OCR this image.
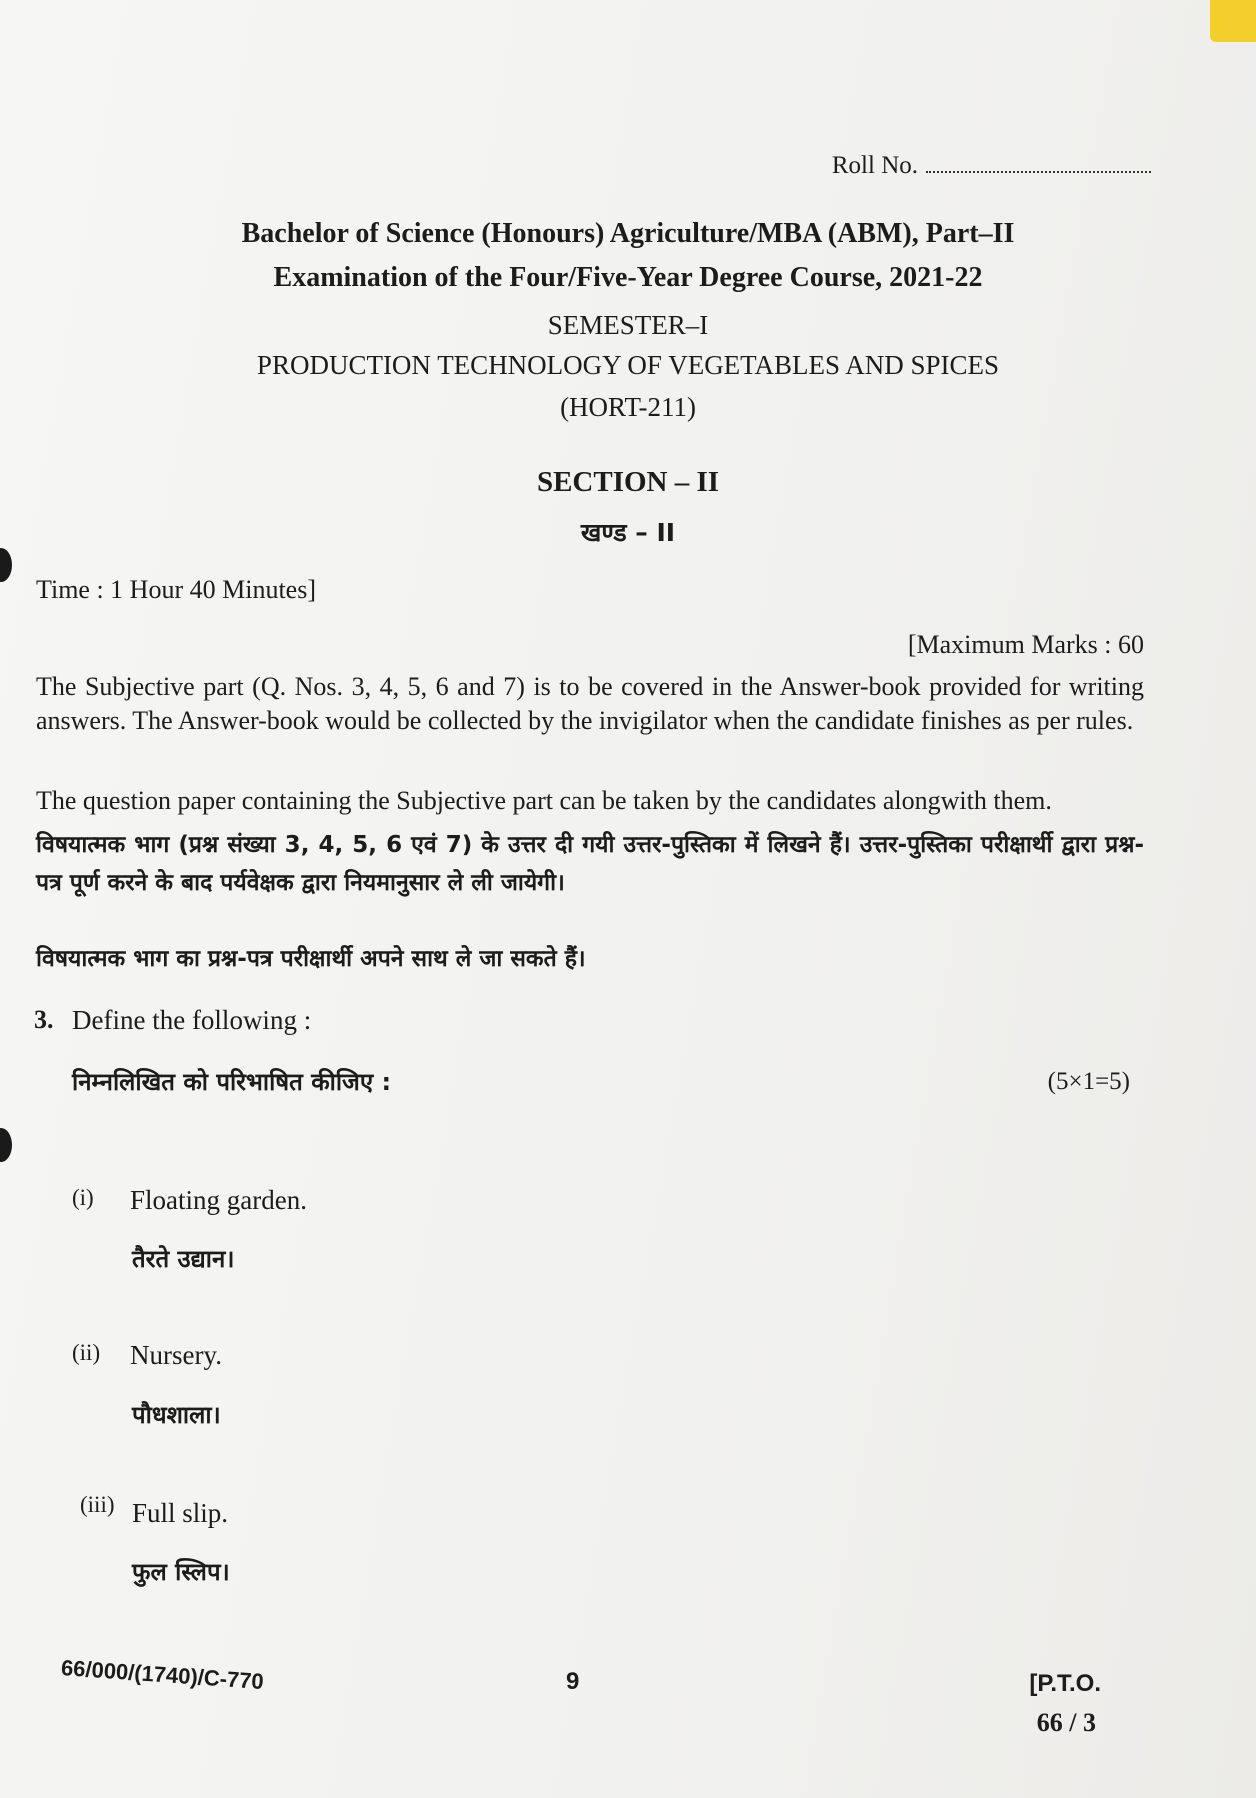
Roll No.
Bachelor of Science (Honours) Agriculture/MBA (ABM), Part–II
Examination of the Four/Five-Year Degree Course, 2021-22
SEMESTER–I
PRODUCTION TECHNOLOGY OF VEGETABLES AND SPICES
(HORT-211)
SECTION – II
खण्ड – II
Time : 1 Hour 40 Minutes]
[Maximum Marks : 60
The Subjective part (Q. Nos. 3, 4, 5, 6 and 7) is to be covered in the Answer-book provided for writing answers. The Answer-book would be collected by the invigilator when the candidate finishes as per rules.
The question paper containing the Subjective part can be taken by the candidates alongwith them.
विषयात्मक भाग (प्रश्न संख्या 3, 4, 5, 6 एवं 7) के उत्तर दी गयी उत्तर-पुस्तिका में लिखने हैं। उत्तर-पुस्तिका परीक्षार्थी द्वारा प्रश्न-पत्र पूर्ण करने के बाद पर्यवेक्षक द्वारा नियमानुसार ले ली जायेगी।
विषयात्मक भाग का प्रश्न-पत्र परीक्षार्थी अपने साथ ले जा सकते हैं।
3. Define the following :
निम्नलिखित को परिभाषित कीजिए :	(5×1=5)
(i) Floating garden.
तैरते उद्यान।
(ii) Nursery.
पौधशाला।
(iii) Full slip.
फुल स्लिप।
66/000/(1740)/C-770	9	[P.T.O.
66 / 3
